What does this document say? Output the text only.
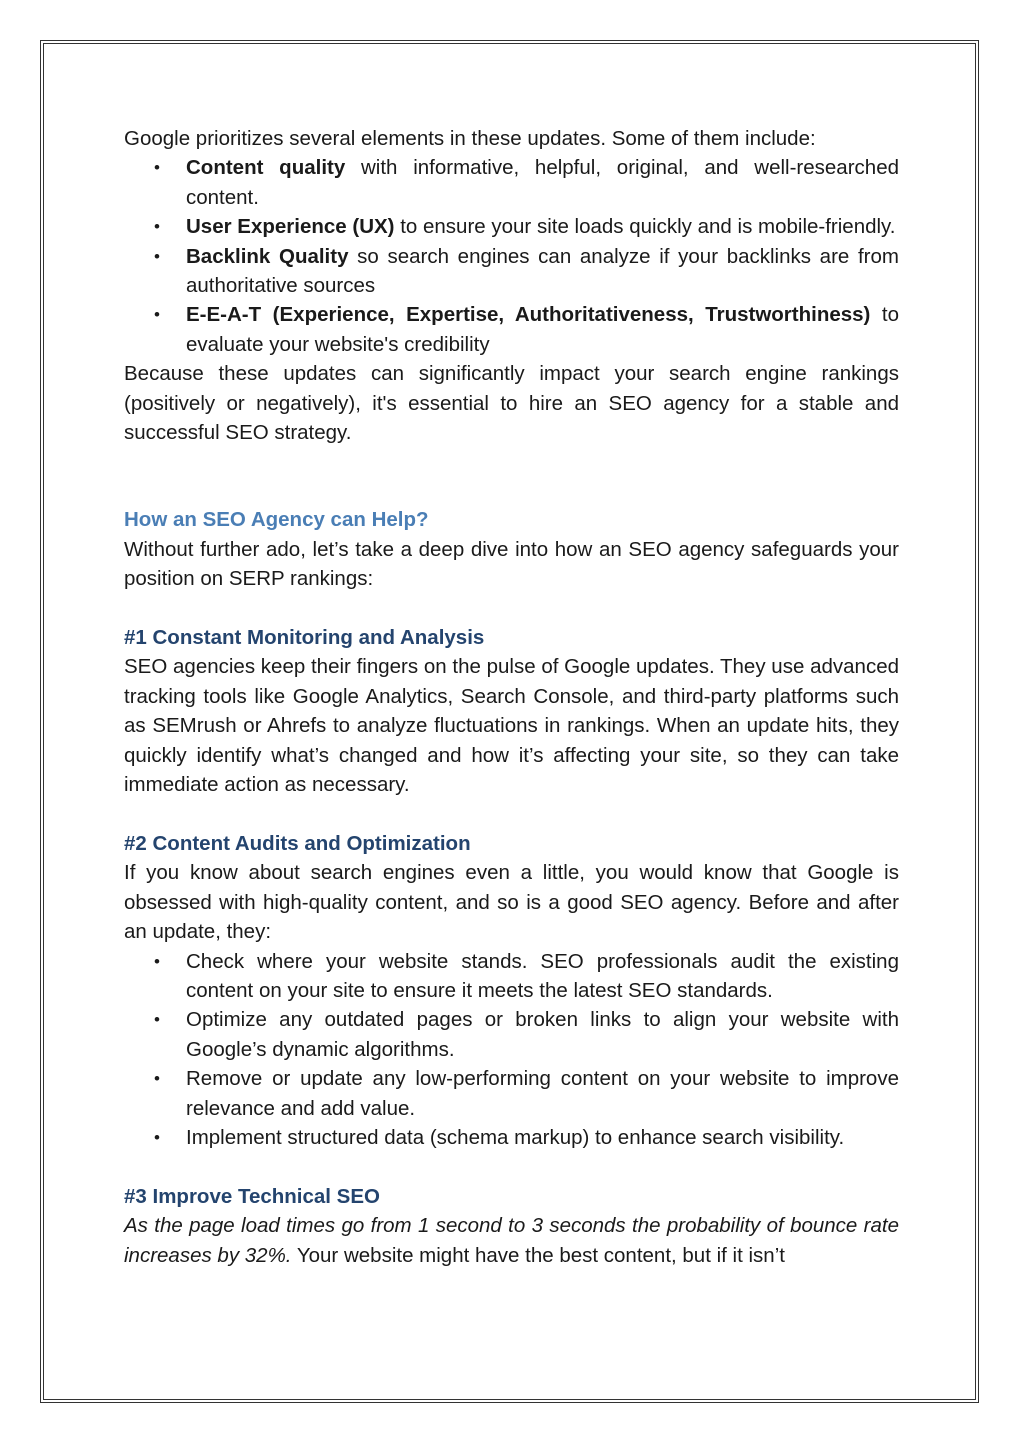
Google prioritizes several elements in these updates. Some of them include:

• Content quality with informative, helpful, original, and well-researched content.
• User Experience (UX) to ensure your site loads quickly and is mobile-friendly.
• Backlink Quality so search engines can analyze if your backlinks are from authoritative sources
• E-E-A-T (Experience, Expertise, Authoritativeness, Trustworthiness) to evaluate your website's credibility

Because these updates can significantly impact your search engine rankings (positively or negatively), it's essential to hire an SEO agency for a stable and successful SEO strategy.

How an SEO Agency can Help?

Without further ado, let’s take a deep dive into how an SEO agency safeguards your position on SERP rankings:

#1 Constant Monitoring and Analysis

SEO agencies keep their fingers on the pulse of Google updates. They use advanced tracking tools like Google Analytics, Search Console, and third-party platforms such as SEMrush or Ahrefs to analyze fluctuations in rankings. When an update hits, they quickly identify what’s changed and how it’s affecting your site, so they can take immediate action as necessary.

#2 Content Audits and Optimization

If you know about search engines even a little, you would know that Google is obsessed with high-quality content, and so is a good SEO agency. Before and after an update, they:

• Check where your website stands. SEO professionals audit the existing content on your site to ensure it meets the latest SEO standards.
• Optimize any outdated pages or broken links to align your website with Google’s dynamic algorithms.
• Remove or update any low-performing content on your website to improve relevance and add value.
• Implement structured data (schema markup) to enhance search visibility.

#3 Improve Technical SEO

As the page load times go from 1 second to 3 seconds the probability of bounce rate increases by 32%. Your website might have the best content, but if it isn’t
